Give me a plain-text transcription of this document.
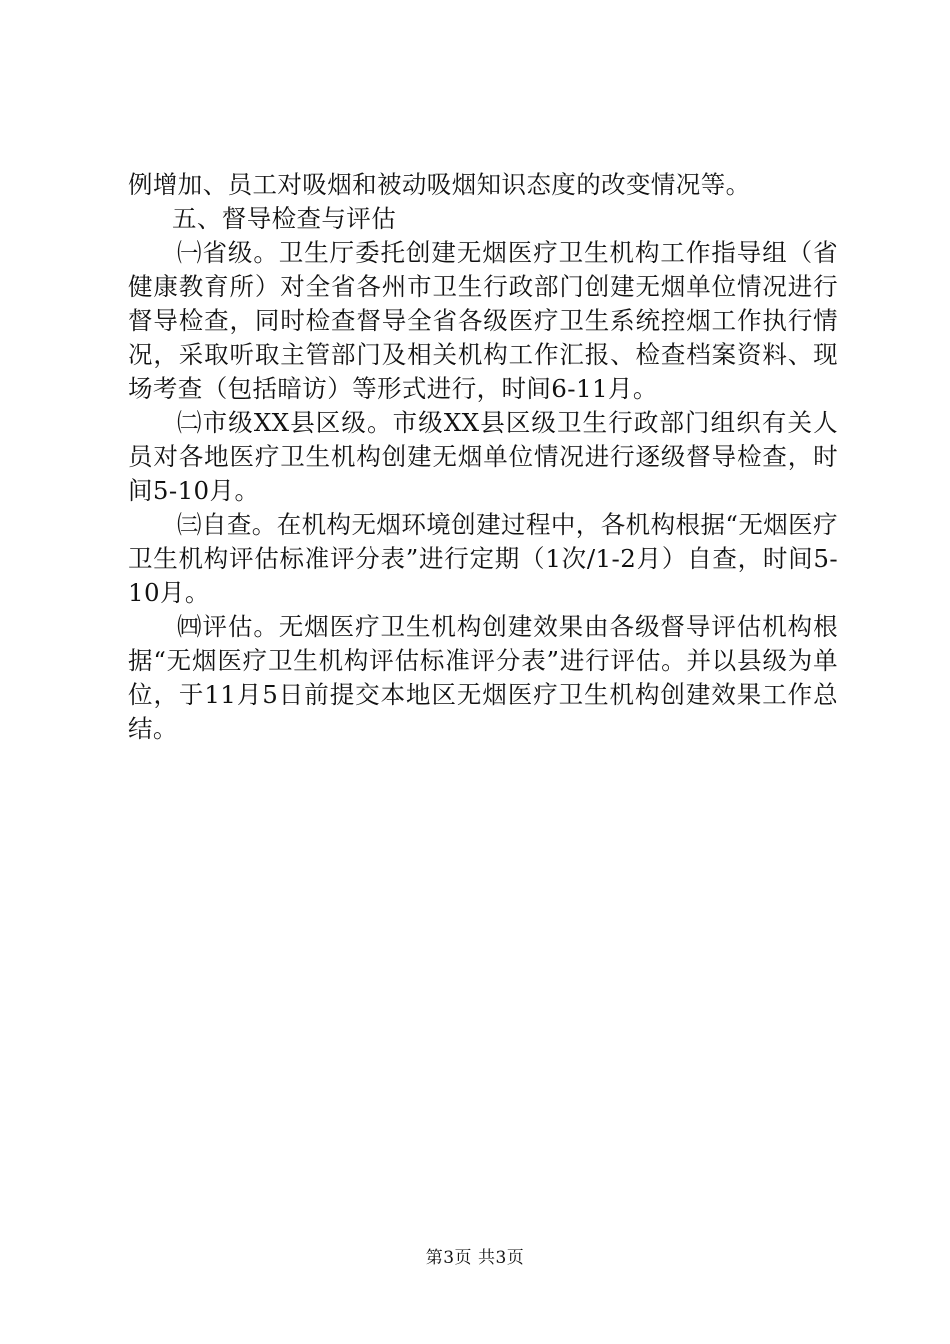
例增加、员工对吸烟和被动吸烟知识态度的改变情况等。

五、督导检查与评估

㈠省级。卫生厅委托创建无烟医疗卫生机构工作指导组（省健康教育所）对全省各州市卫生行政部门创建无烟单位情况进行督导检查，同时检查督导全省各级医疗卫生系统控烟工作执行情况，采取听取主管部门及相关机构工作汇报、检查档案资料、现场考查（包括暗访）等形式进行，时间6-11月。

㈡市级XX县区级。市级XX县区级卫生行政部门组织有关人员对各地医疗卫生机构创建无烟单位情况进行逐级督导检查，时间5-10月。

㈢自查。在机构无烟环境创建过程中，各机构根据“无烟医疗卫生机构评估标准评分表”进行定期（1次/1-2月）自查，时间5-10月。

㈣评估。无烟医疗卫生机构创建效果由各级督导评估机构根据“无烟医疗卫生机构评估标准评分表”进行评估。并以县级为单位，于11月5日前提交本地区无烟医疗卫生机构创建效果工作总结。

第3页 共3页
